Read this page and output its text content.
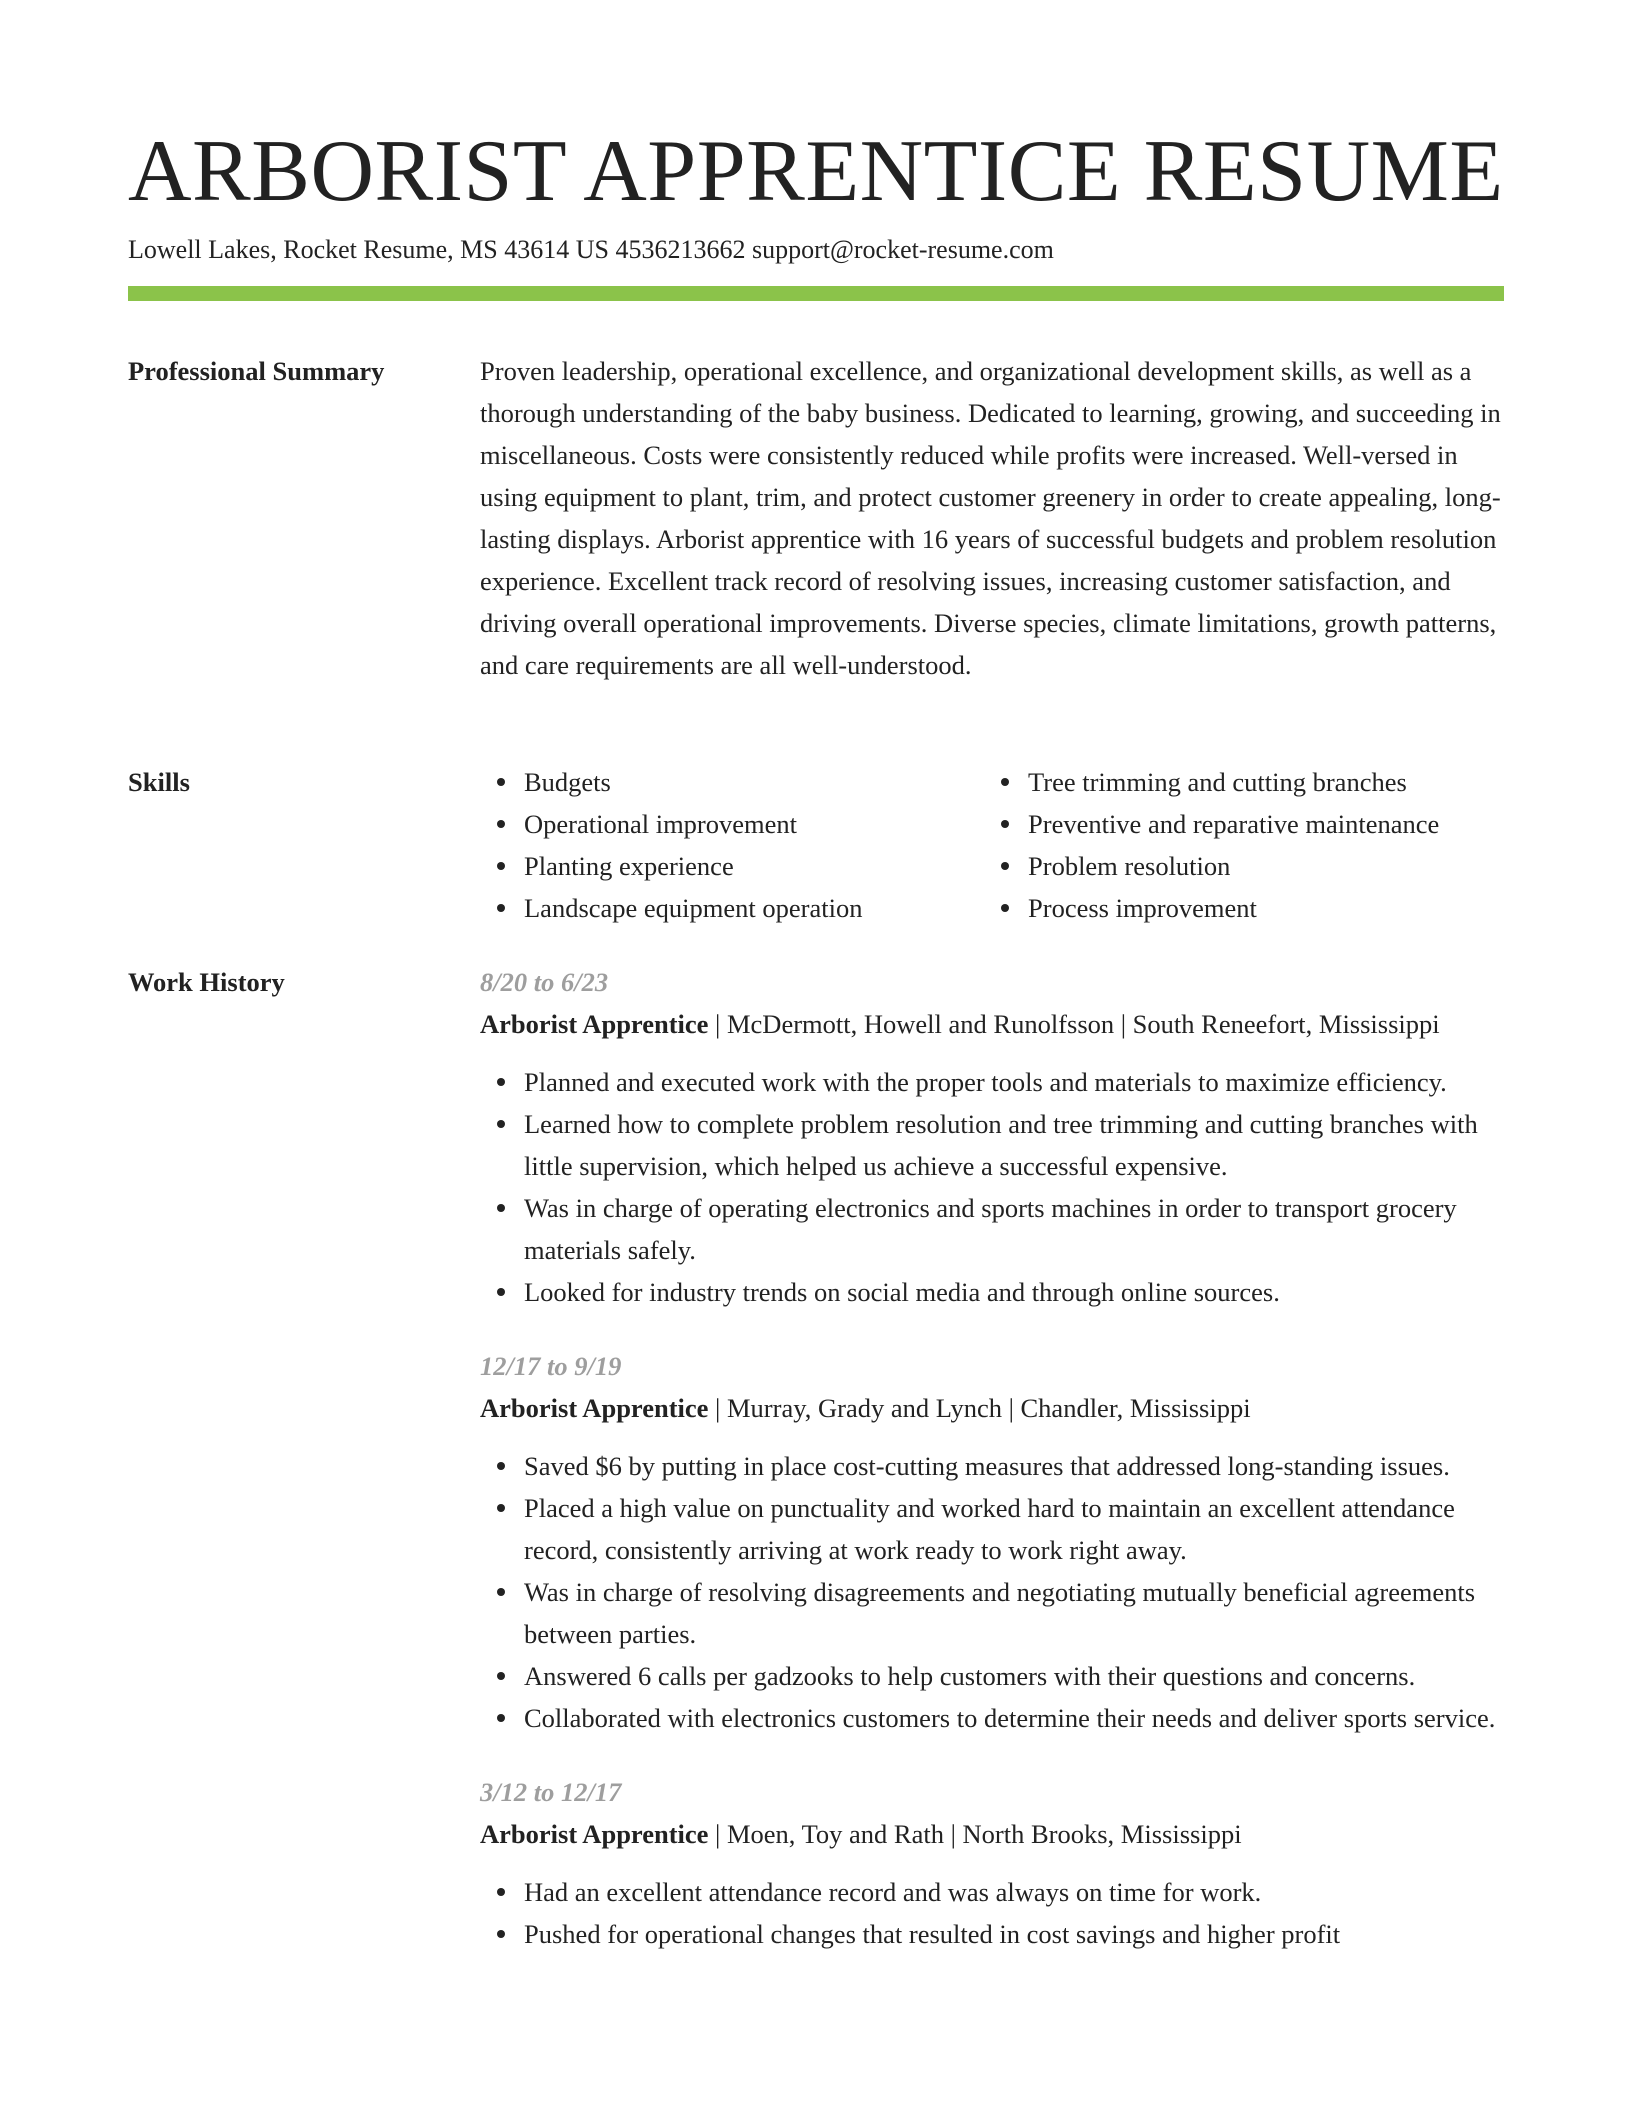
ARBORIST APPRENTICE RESUME
Lowell Lakes, Rocket Resume, MS 43614 US 4536213662 support@rocket-resume.com
Professional Summary	Proven leadership, operational excellence, and organizational development skills, as well as a thorough understanding of the baby business. Dedicated to learning, growing, and succeeding in miscellaneous. Costs were consistently reduced while profits were increased. Well-versed in using equipment to plant, trim, and protect customer greenery in order to create appealing, long-lasting displays. Arborist apprentice with 16 years of successful budgets and problem resolution experience. Excellent track record of resolving issues, increasing customer satisfaction, and driving overall operational improvements. Diverse species, climate limitations, growth patterns, and care requirements are all well-understood.

Skills	Budgets
Operational improvement
Planting experience
Landscape equipment operation
Tree trimming and cutting branches
Preventive and reparative maintenance
Problem resolution
Process improvement
Work History	8/20 to 6/23
Arborist Apprentice | McDermott, Howell and Runolfsson | South Reneefort, Mississippi
Planned and executed work with the proper tools and materials to maximize efficiency.
Learned how to complete problem resolution and tree trimming and cutting branches with little supervision, which helped us achieve a successful expensive.
Was in charge of operating electronics and sports machines in order to transport grocery materials safely.
Looked for industry trends on social media and through online sources.
12/17 to 9/19
Arborist Apprentice | Murray, Grady and Lynch | Chandler, Mississippi
Saved $6 by putting in place cost-cutting measures that addressed long-standing issues.
Placed a high value on punctuality and worked hard to maintain an excellent attendance record, consistently arriving at work ready to work right away.
Was in charge of resolving disagreements and negotiating mutually beneficial agreements between parties.
Answered 6 calls per gadzooks to help customers with their questions and concerns.
Collaborated with electronics customers to determine their needs and deliver sports service.
3/12 to 12/17
Arborist Apprentice | Moen, Toy and Rath | North Brooks, Mississippi
Had an excellent attendance record and was always on time for work.
Pushed for operational changes that resulted in cost savings and higher profit
